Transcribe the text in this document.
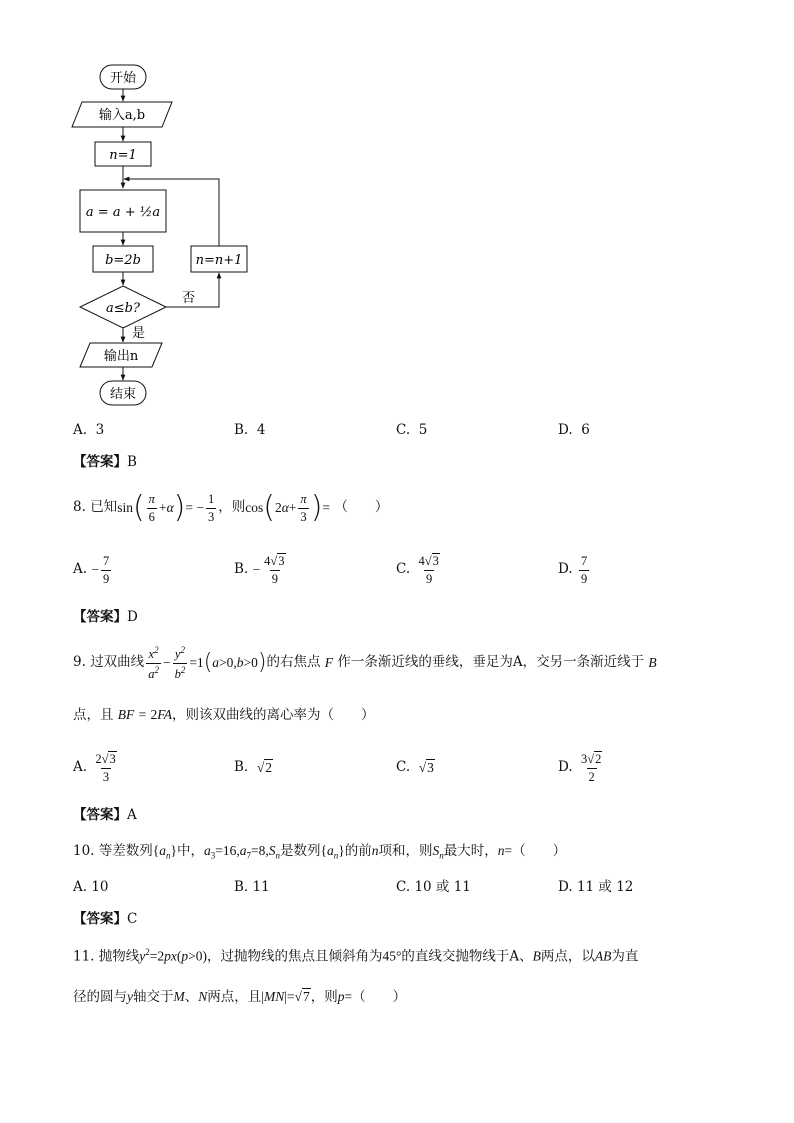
开始
输入a,b
n=1
a = a + ½a
b=2b
a≤b?
否
是
输出n
结束
n=n+1
A. 3	B. 4	C. 5	D. 6
【答案】B
8.
已知 sin ( $\frac{\pi}{6} + \alpha$ ) = − $\frac{1}{3}$ ，则 cos ( 2 $\alpha + \frac{\pi}{3}$ ) =
（　　）
A.
− $\frac{7}{9}$	B.
− $\frac{4√3}{9}$	C.
$\frac{4√3}{9}$	D.
$\frac{7}{9}$
【答案】D
9.
过双曲线 $\frac{x^2}{a^2} - \frac{y^2}{b^2} =1$ ( a >0, b >0 ) 的右焦点
F
作一条渐近线的垂线，垂足为A，交另一条渐近线于
B
点，且 BF = 2FA，则该双曲线的离心率为（　　）
A.
$\frac{2√3}{3}$	B.
√2	C.
√3	D.
$\frac{3√2}{2}$
【答案】A
10. 等差数列$\{a_n\}$中，$a_3=16,a_7=8,S_n$是数列$\{a_n\}$的前n项和，则$S_n$最大时，n=（　　）
A. 10	B. 11	C. 10 或 11	D. 11 或 12
【答案】C
11. 抛物线$y^2=2px(p>0)$，过抛物线的焦点且倾斜角为45°的直线交抛物线于A、B两点，以AB为直
径的圆与y轴交于M、N两点，且|MN|=√7，则p=（　　）
